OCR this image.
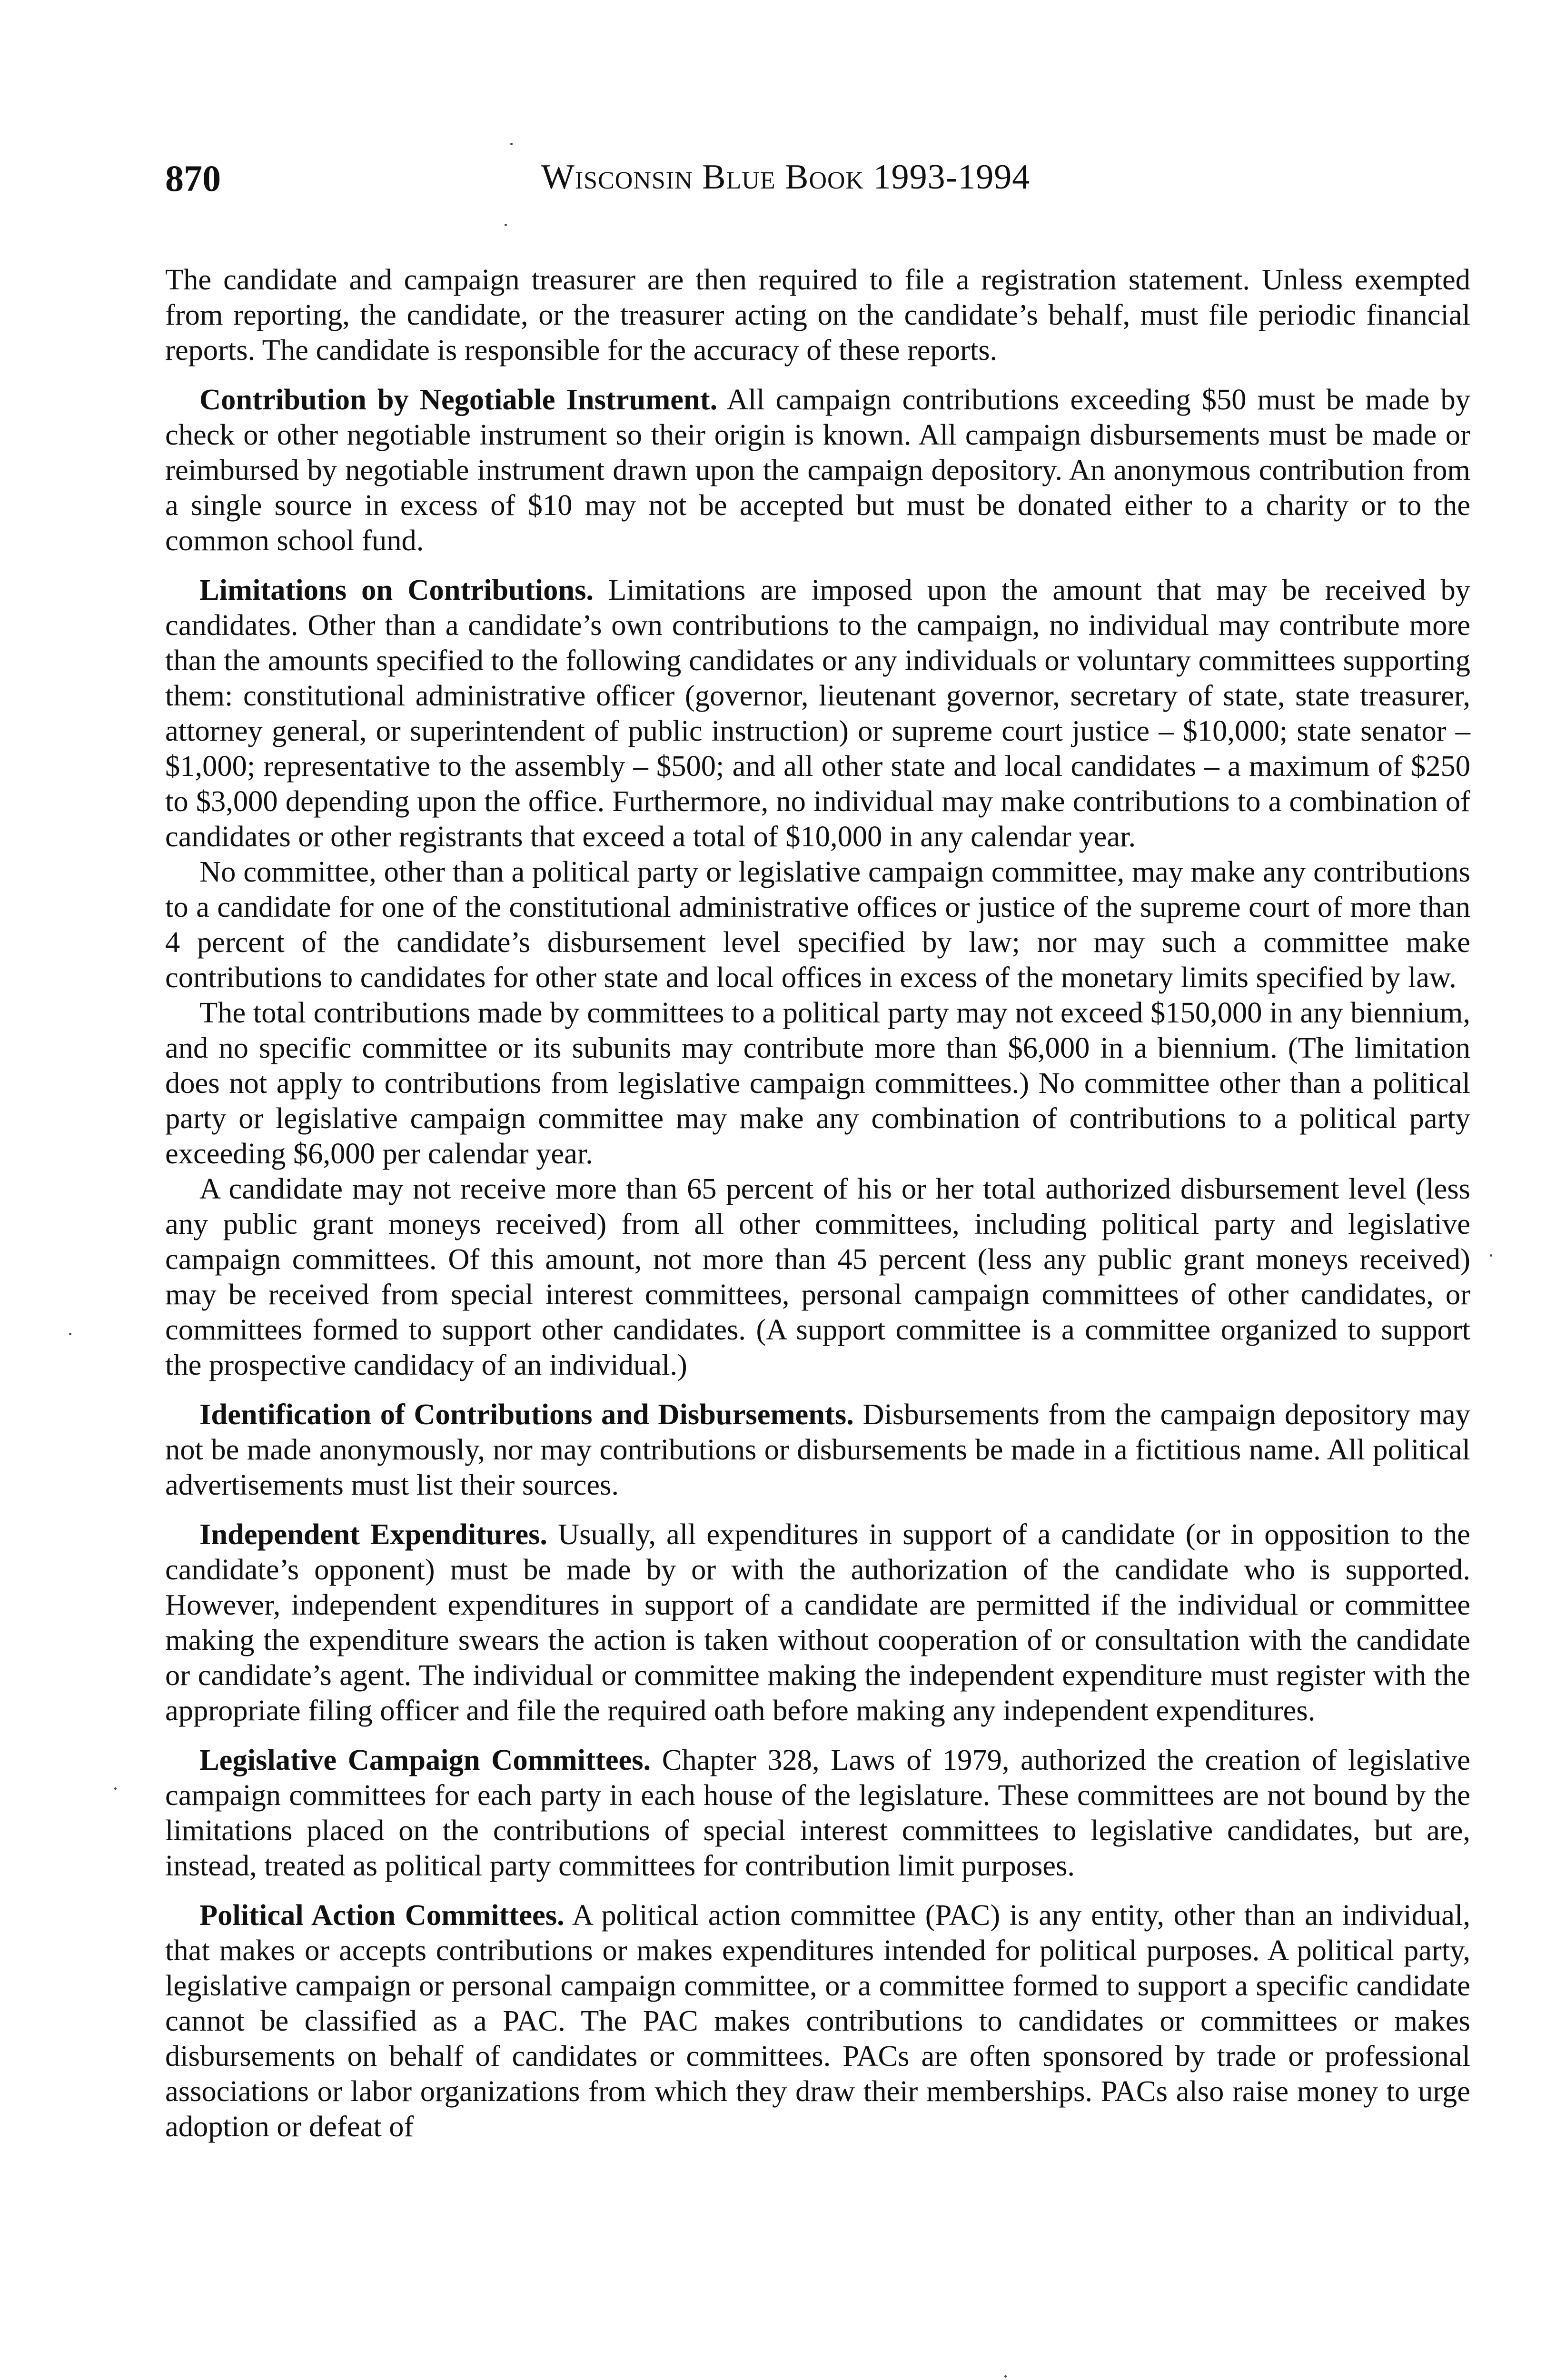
870	Wisconsin Blue Book 1993-1994

The candidate and campaign treasurer are then required to file a registration statement. Unless exempted from reporting, the candidate, or the treasurer acting on the candidate’s behalf, must file periodic financial reports. The candidate is responsible for the accuracy of these reports.

Contribution by Negotiable Instrument. All campaign contributions exceeding $50 must be made by check or other negotiable instrument so their origin is known. All campaign disbursements must be made or reimbursed by negotiable instrument drawn upon the campaign depository. An anonymous contribution from a single source in excess of $10 may not be accepted but must be donated either to a charity or to the common school fund.

Limitations on Contributions. Limitations are imposed upon the amount that may be received by candidates. Other than a candidate’s own contributions to the campaign, no individual may contribute more than the amounts specified to the following candidates or any individuals or voluntary committees supporting them: constitutional administrative officer (governor, lieutenant governor, secretary of state, state treasurer, attorney general, or superintendent of public instruction) or supreme court justice – $10,000; state senator – $1,000; representative to the assembly – $500; and all other state and local candidates – a maximum of $250 to $3,000 depending upon the office. Furthermore, no individual may make contributions to a combination of candidates or other registrants that exceed a total of $10,000 in any calendar year.

No committee, other than a political party or legislative campaign committee, may make any contributions to a candidate for one of the constitutional administrative offices or justice of the supreme court of more than 4 percent of the candidate’s disbursement level specified by law; nor may such a committee make contributions to candidates for other state and local offices in excess of the monetary limits specified by law.

The total contributions made by committees to a political party may not exceed $150,000 in any biennium, and no specific committee or its subunits may contribute more than $6,000 in a biennium. (The limitation does not apply to contributions from legislative campaign committees.) No committee other than a political party or legislative campaign committee may make any combination of contributions to a political party exceeding $6,000 per calendar year.

A candidate may not receive more than 65 percent of his or her total authorized disbursement level (less any public grant moneys received) from all other committees, including political party and legislative campaign committees. Of this amount, not more than 45 percent (less any public grant moneys received) may be received from special interest committees, personal campaign committees of other candidates, or committees formed to support other candidates. (A support committee is a committee organized to support the prospective candidacy of an individual.)

Identification of Contributions and Disbursements. Disbursements from the campaign depository may not be made anonymously, nor may contributions or disbursements be made in a fictitious name. All political advertisements must list their sources.

Independent Expenditures. Usually, all expenditures in support of a candidate (or in opposition to the candidate’s opponent) must be made by or with the authorization of the candidate who is supported. However, independent expenditures in support of a candidate are permitted if the individual or committee making the expenditure swears the action is taken without cooperation of or consultation with the candidate or candidate’s agent. The individual or committee making the independent expenditure must register with the appropriate filing officer and file the required oath before making any independent expenditures.

Legislative Campaign Committees. Chapter 328, Laws of 1979, authorized the creation of legislative campaign committees for each party in each house of the legislature. These committees are not bound by the limitations placed on the contributions of special interest committees to legislative candidates, but are, instead, treated as political party committees for contribution limit purposes.

Political Action Committees. A political action committee (PAC) is any entity, other than an individual, that makes or accepts contributions or makes expenditures intended for political purposes. A political party, legislative campaign or personal campaign committee, or a committee formed to support a specific candidate cannot be classified as a PAC. The PAC makes contributions to candidates or committees or makes disbursements on behalf of candidates or committees. PACs are often sponsored by trade or professional associations or labor organizations from which they draw their memberships. PACs also raise money to urge adoption or defeat of
